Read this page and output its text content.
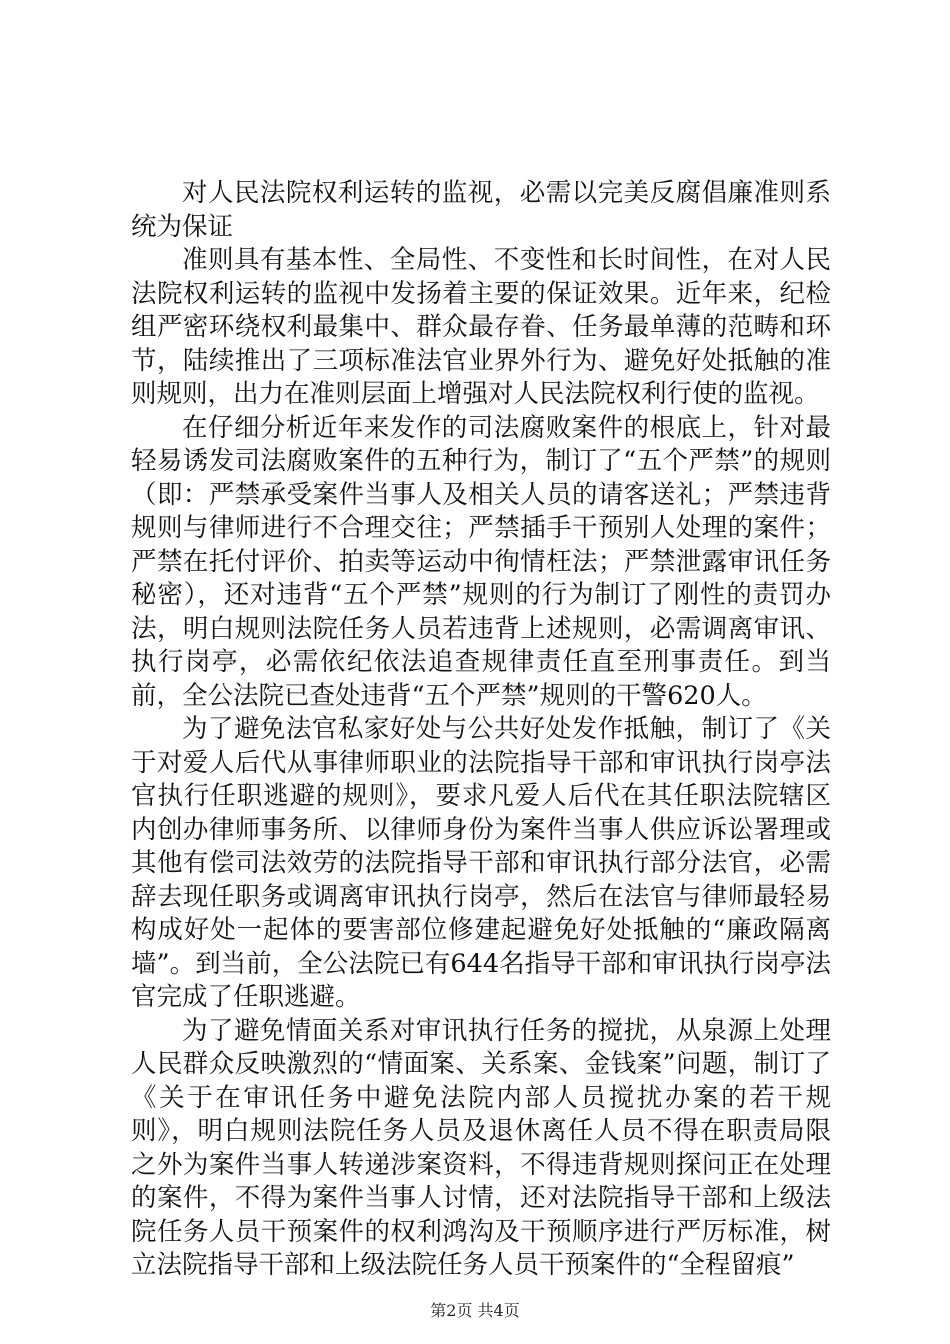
对人民法院权利运转的监视，必需以完美反腐倡廉准则系统为保证

准则具有基本性、全局性、不变性和长时间性，在对人民法院权利运转的监视中发扬着主要的保证效果。近年来，纪检组严密环绕权利最集中、群众最存眷、任务最单薄的范畴和环节，陆续推出了三项标准法官业界外行为、避免好处抵触的准则规则，出力在准则层面上增强对人民法院权利行使的监视。

在仔细分析近年来发作的司法腐败案件的根底上，针对最轻易诱发司法腐败案件的五种行为，制订了“五个严禁”的规则（即：严禁承受案件当事人及相关人员的请客送礼；严禁违背规则与律师进行不合理交往；严禁插手干预别人处理的案件；严禁在托付评价、拍卖等运动中徇情枉法；严禁泄露审讯任务秘密），还对违背“五个严禁”规则的行为制订了刚性的责罚办法，明白规则法院任务人员若违背上述规则，必需调离审讯、执行岗亭，必需依纪依法追查规律责任直至刑事责任。到当前，全公法院已查处违背“五个严禁”规则的干警620人。

为了避免法官私家好处与公共好处发作抵触，制订了《关于对爱人后代从事律师职业的法院指导干部和审讯执行岗亭法官执行任职逃避的规则》，要求凡爱人后代在其任职法院辖区内创办律师事务所、以律师身份为案件当事人供应诉讼署理或其他有偿司法效劳的法院指导干部和审讯执行部分法官，必需辞去现任职务或调离审讯执行岗亭，然后在法官与律师最轻易构成好处一起体的要害部位修建起避免好处抵触的“廉政隔离墙”。到当前，全公法院已有644名指导干部和审讯执行岗亭法官完成了任职逃避。

为了避免情面关系对审讯执行任务的搅扰，从泉源上处理人民群众反映激烈的“情面案、关系案、金钱案”问题，制订了《关于在审讯任务中避免法院内部人员搅扰办案的若干规则》，明白规则法院任务人员及退休离任人员不得在职责局限之外为案件当事人转递涉案资料，不得违背规则探问正在处理的案件，不得为案件当事人讨情，还对法院指导干部和上级法院任务人员干预案件的权利鸿沟及干预顺序进行严厉标准，树立法院指导干部和上级法院任务人员干预案件的“全程留痕”

第2页 共4页
